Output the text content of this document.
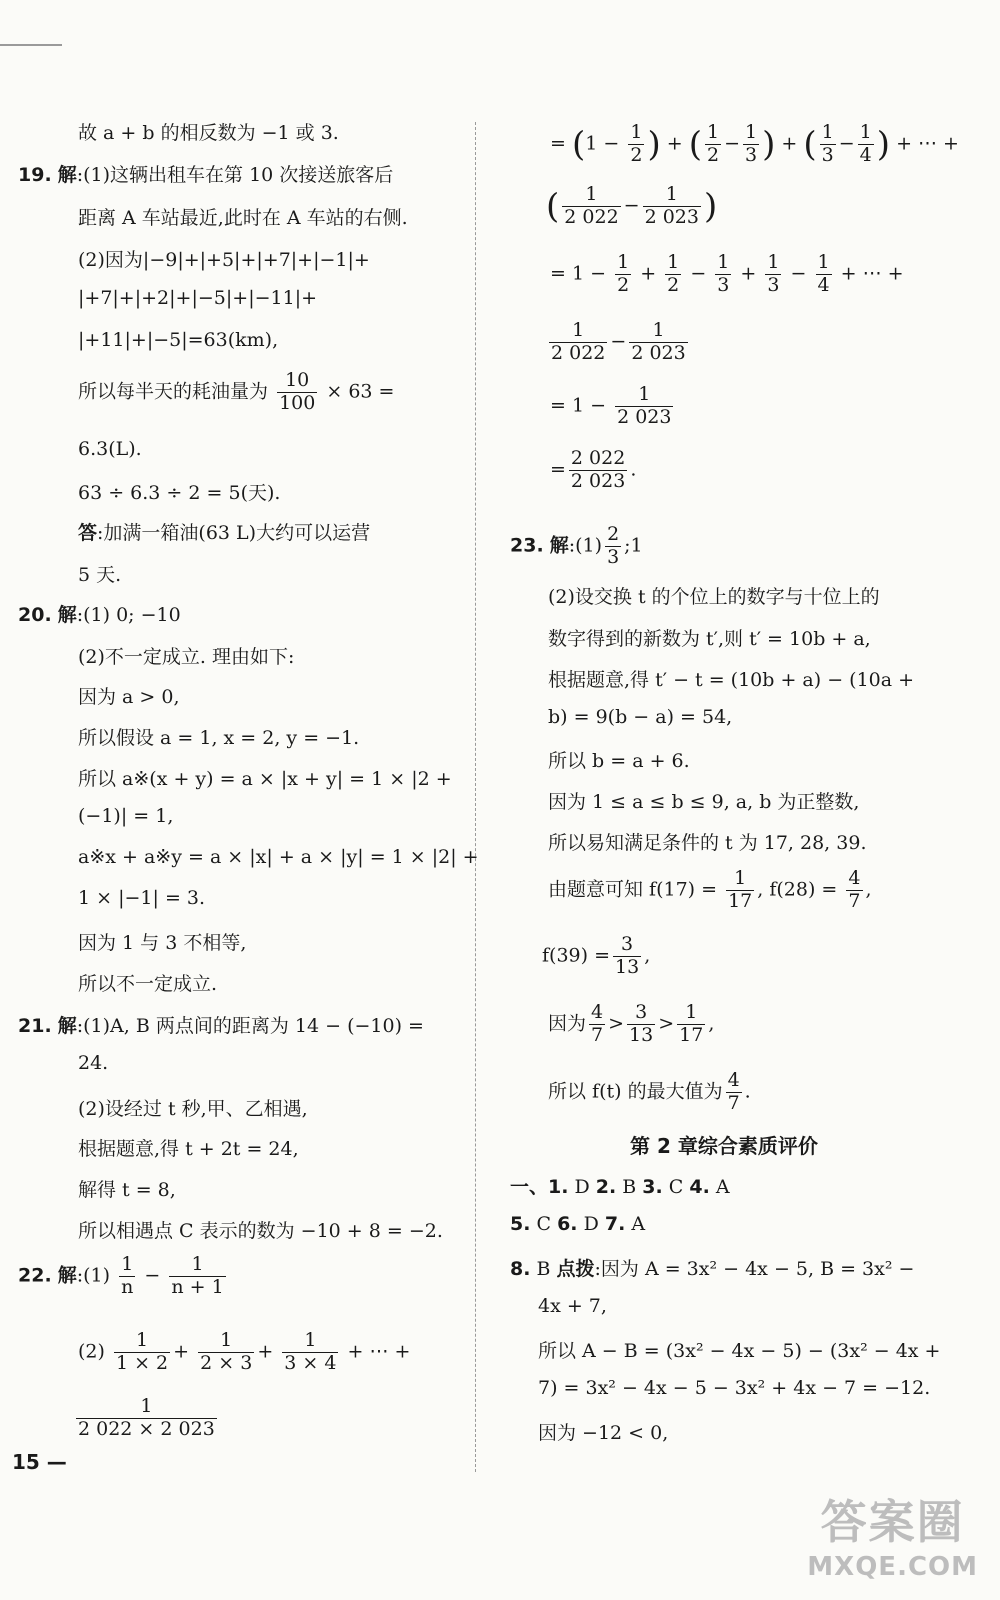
故 a + b 的相反数为 −1 或 3.
19. 解:(1)这辆出租车在第 10 次接送旅客后
距离 A 车站最近,此时在 A 车站的右侧.
(2)因为|−9|+|+5|+|+7|+|−1|+
|+7|+|+2|+|−5|+|−11|+
|+11|+|−5|=63(km),
所以每半天的耗油量为 $\frac{10}{100} \times 63$ =
6.3(L).
63 ÷ 6.3 ÷ 2 = 5(天).
答:加满一箱油(63 L)大约可以运营
5 天.
20. 解:(1) 0; −10
(2)不一定成立. 理由如下:
因为 a > 0,
所以假设 a = 1, x = 2, y = −1.
所以 a※(x + y) = a × |x + y| = 1 × |2 +
(−1)| = 1,
a※x + a※y = a × |x| + a × |y| = 1 × |2| +
1 × |−1| = 3.
因为 1 与 3 不相等,
所以不一定成立.
21. 解:(1)A, B 两点间的距离为 14 − (−10) =
24.
(2)设经过 t 秒,甲、乙相遇,
根据题意,得 t + 2t = 24,
解得 t = 8,
所以相遇点 C 表示的数为 −10 + 8 = −2.
22. 解:(1) $\frac{1}{n} - \frac{1}{n + 1}$
$(2) \frac{1}{1 \times 2} + \frac{1}{2 \times 3} + \frac{1}{3 \times 4}$ + ⋯ +
$\frac{1}{2 022 \times 2 023}$
= ($1 - \frac{1}{2}$ ) + ( $\frac{1}{2} - \frac{1}{3}$ ) + ( $\frac{1}{3} - \frac{1}{4}$ ) + ⋯ +
( $\frac{1}{2 022} - \frac{1}{2 023}$ )
= $1 - \frac{1}{2} + \frac{1}{2} - \frac{1}{3} + \frac{1}{3} - \frac{1}{4}$ + ⋯ +
$\frac{1}{2 022} - \frac{1}{2 023}$
= $1 - \frac{1}{2 023}$
= $\frac{2 022}{2 023}$ .
23. 解:(1) $\frac{2}{3}$ ;1
(2)设交换 t 的个位上的数字与十位上的
数字得到的新数为 t′,则 t′ = 10b + a,
根据题意,得 t′ − t = (10b + a) − (10a +
b) = 9(b − a) = 54,
所以 b = a + 6.
因为 1 ≤ a ≤ b ≤ 9, a, b 为正整数,
所以易知满足条件的 t 为 17, 28, 39.
由题意可知 $f(17) = \frac{1}{17}$ , $f(28) = \frac{4}{7}$ ,
$f(39) = \frac{3}{13}$ ,
因为 $\frac{4}{7} > \frac{3}{13} > \frac{1}{17}$ ,
所以 f(t) 的最大值为 $\frac{4}{7}$ .
第 2 章综合素质评价
一、1. D 2. B 3. C 4. A
5. C 6. D 7. A
8. B 点拨:因为 A = 3x² − 4x − 5, B = 3x² −
4x + 7,
所以 A − B = (3x² − 4x − 5) − (3x² − 4x +
7) = 3x² − 4x − 5 − 3x² + 4x − 7 = −12.
因为 −12 < 0,
15 —
答案圈
MXQE.COM
